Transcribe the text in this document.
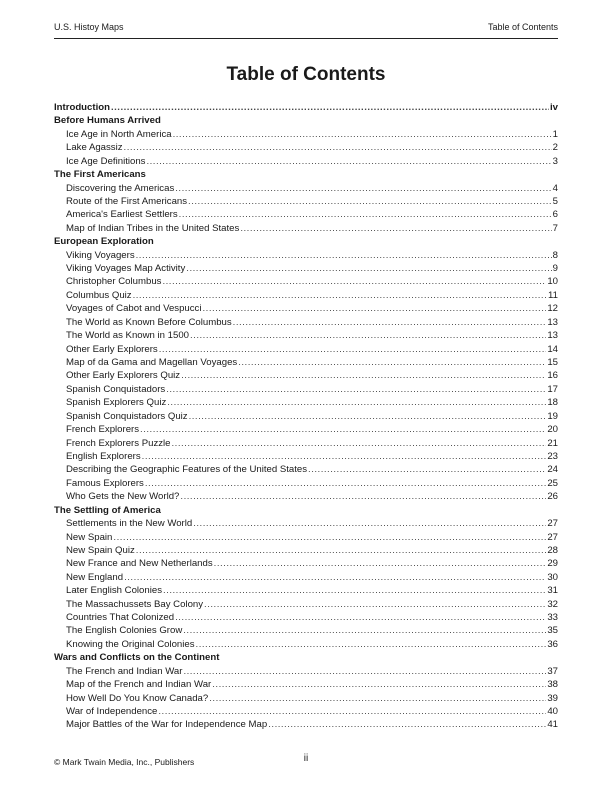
U.S. Histoy Maps	Table of Contents
Table of Contents
Introduction .....	iv
Before Humans Arrived
Ice Age in North America .....	1
Lake Agassiz .....	2
Ice Age Definitions .....	3
The First Americans
Discovering the Americas .....	4
Route of the First Americans .....	5
America's Earliest Settlers .....	6
Map of Indian Tribes in the United States .....	7
European Exploration
Viking Voyagers .....	8
Viking Voyages Map Activity .....	9
Christopher Columbus .....	10
Columbus Quiz .....	11
Voyages of Cabot and Vespucci .....	12
The World as Known Before Columbus .....	13
The World as Known in 1500 .....	13
Other Early Explorers .....	14
Map of da Gama and Magellan Voyages .....	15
Other Early Explorers Quiz .....	16
Spanish Conquistadors .....	17
Spanish Explorers Quiz .....	18
Spanish Conquistadors Quiz .....	19
French Explorers .....	20
French Explorers Puzzle .....	21
English Explorers .....	23
Describing the Geographic Features of the United States .....	24
Famous Explorers .....	25
Who Gets the New World? .....	26
The Settling of America
Settlements in the New World .....	27
New Spain .....	27
New Spain Quiz .....	28
New France and New Netherlands .....	29
New England .....	30
Later English Colonies .....	31
The Massachussets Bay Colony .....	32
Countries That Colonized .....	33
The English Colonies Grow .....	35
Knowing the Original Colonies .....	36
Wars and Conflicts on the Continent
The French and Indian War .....	37
Map of the French and Indian War .....	38
How Well Do You Know Canada? .....	39
War of Independence .....	40
Major Battles of the War for Independence Map .....	41
© Mark Twain Media, Inc., Publishers	ii
